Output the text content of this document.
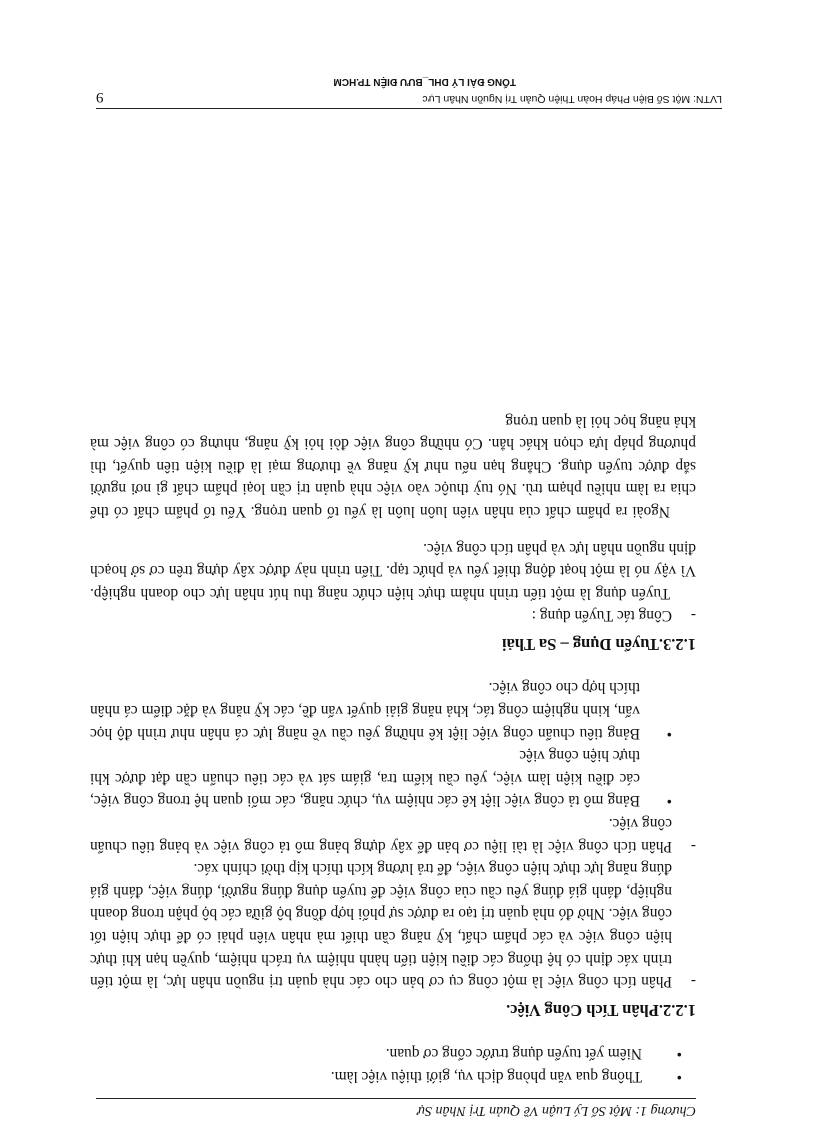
Chương 1: Một Số Lý Luận Về Quản Trị Nhân Sự
•
Thông qua văn phòng dịch vụ, giới thiệu việc làm.
•
Niêm yết tuyển dụng trước cổng cơ quan.
1.2.2.Phân Tích Công Việc.
-
Phân tích công việc là một công cụ cơ bản cho các nhà quản trị nguồn nhân lực, là một tiến trình xác định có hệ thống các điều kiện tiến hành nhiệm vụ trách nhiệm, quyền hạn khi thực hiện công việc và các phẩm chất, kỹ năng cần thiết mà nhân viên phải có để thực hiện tốt công việc. Nhờ đó nhà quản trị tạo ra được sự phối hợp đồng bộ giữa các bộ phận trong doanh nghiệp, đánh giá đúng yêu cầu của công việc để tuyển dụng đúng người, đúng việc, đánh giá đúng năng lực thực hiện công việc, để trả lương kích thích kịp thời chính xác.
-
Phân tích công việc là tài liệu cơ bản để xây dựng bảng mô tả công việc và bảng tiêu chuẩn công việc.
•
Bảng mô tả công việc liệt kê các nhiệm vụ, chức năng, các mối quan hệ trong công việc, các điều kiện làm việc, yêu cầu kiểm tra, giám sát và các tiêu chuẩn cần đạt được khi thực hiện công việc
•
Bảng tiêu chuẩn công việc liệt kê những yêu cầu về năng lực cá nhân như trình độ học vấn, kinh nghiệm công tác, khả năng giải quyết vấn đề, các kỹ năng và đặc điểm cá nhân thích hợp cho công việc.
1.2.3.Tuyển Dụng – Sa Thải
-
Công tác Tuyển dụng :
Tuyển dụng là một tiến trình nhằm thực hiện chức năng thu hút nhân lực cho doanh nghiệp. Vì vậy nó là một hoạt động thiết yếu và phức tạp. Tiến trình này được xây dựng trên cơ sở hoạch định nguồn nhân lực và phân tích công việc.
Ngoài ra phẩm chất của nhân viên luôn luôn là yếu tố quan trọng. Yếu tố phẩm chất có thể chia ra làm nhiều phạm trù. Nó tuỳ thuộc vào việc nhà quản trị cần loại phẩm chất gì nơi người sắp được tuyển dụng. Chẳng hạn nếu như kỹ năng về thương mại là điều kiện tiên quyết, thì phương pháp lựa chọn khác hẳn. Có những công việc đòi hỏi kỹ năng, nhưng có công việc mà khả năng học hỏi là quan trọng
LVTN: Một Số Biện Pháp Hoàn Thiện Quản Trị Nguồn Nhân Lực
9
TỔNG ĐÀI LÝ DHL_BƯU ĐIỆN TP.HCM
